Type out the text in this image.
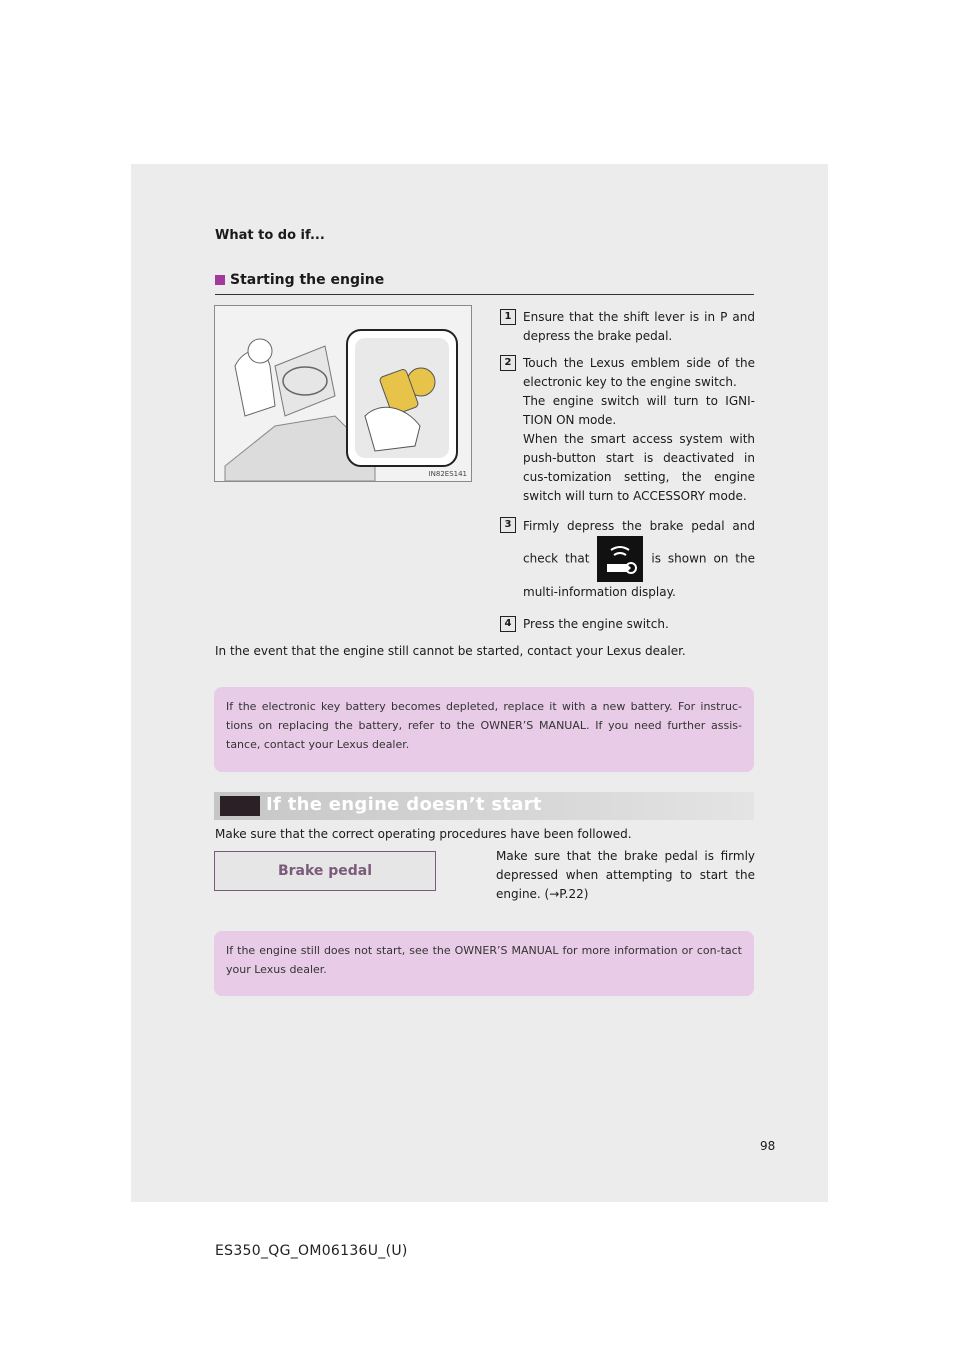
What to do if...
Starting the engine
IN82ES141
1 Ensure that the shift lever is in P and depress the brake pedal.
2 Touch the Lexus emblem side of the electronic key to the engine switch.
The engine switch will turn to IGNI-TION ON mode.
When the smart access system with push-button start is deactivated in cus-tomization setting, the engine switch will turn to ACCESSORY mode.
3 Firmly depress the brake pedal and check that	is shown on the multi-information display.
4 Press the engine switch.
In the event that the engine still cannot be started, contact your Lexus dealer.
If the electronic key battery becomes depleted, replace it with a new battery. For instruc-tions on replacing the battery, refer to the OWNER’S MANUAL. If you need further assis-tance, contact your Lexus dealer.
If the engine doesn’t start
Make sure that the correct operating procedures have been followed.
Brake pedal
Make sure that the brake pedal is firmly depressed when attempting to start the engine. (→P.22)
If the engine still does not start, see the OWNER’S MANUAL for more information or con-tact your Lexus dealer.
98
ES350_QG_OM06136U_(U)
